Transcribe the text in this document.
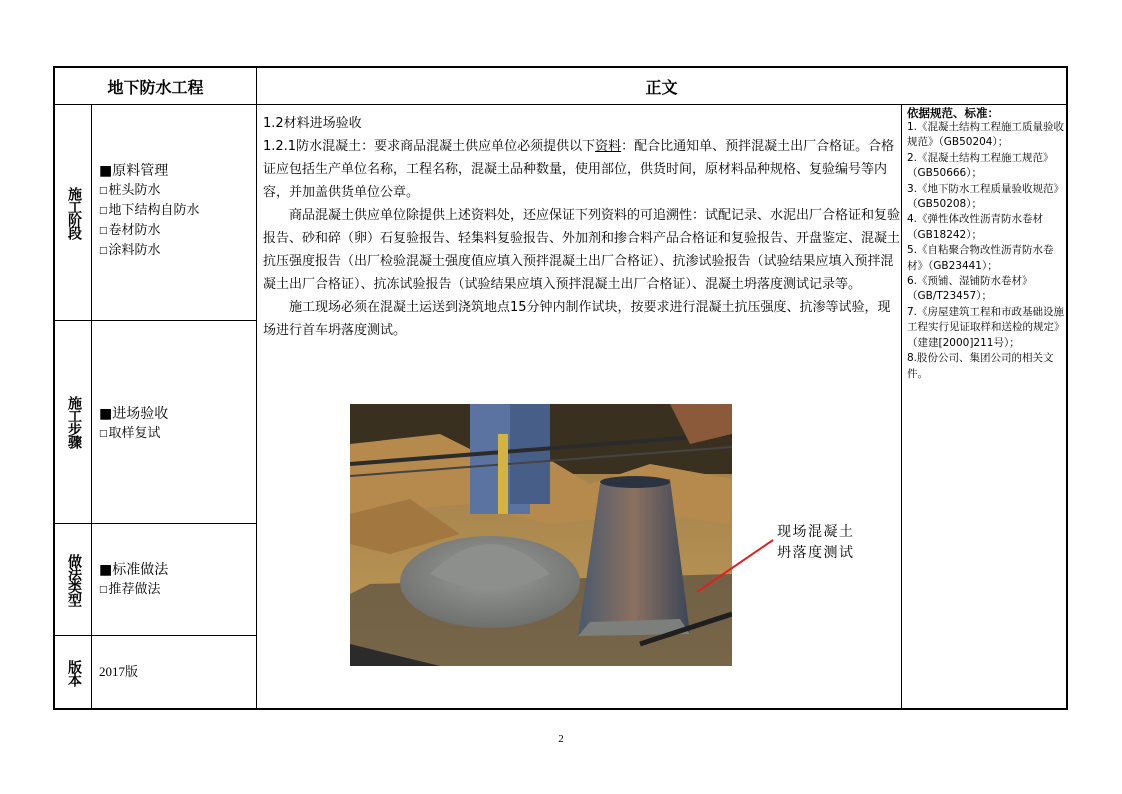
地下防水工程	正文
施工阶段
■原料管理
□桩头防水
□地下结构自防水
□卷材防水
□涂料防水
施工步骤 ■进场验收
□取样复试
做法类型 ■标准做法
□推荐做法
版本 2017版

1.2材料进场验收

1.2.1防水混凝土：要求商品混凝土供应单位必须提供以下资料：配合比通知单、预拌混凝土出厂合格证。合格证应包括生产单位名称，工程名称，混凝土品种数量，使用部位，供货时间，原材料品种规格、复验编号等内容，并加盖供货单位公章。

商品混凝土供应单位除提供上述资料处，还应保证下列资料的可追溯性：试配记录、水泥出厂合格证和复验报告、砂和碎（卵）石复验报告、轻集料复验报告、外加剂和掺合料产品合格证和复验报告、开盘鉴定、混凝土抗压强度报告（出厂检验混凝土强度值应填入预拌混凝土出厂合格证）、抗渗试验报告（试验结果应填入预拌混凝土出厂合格证）、抗冻试验报告（试验结果应填入预拌混凝土出厂合格证）、混凝土坍落度测试记录等。

施工现场必须在混凝土运送到浇筑地点15分钟内制作试块，按要求进行混凝土抗压强度、抗渗等试验，现场进行首车坍落度测试。

现场混凝土
坍落度测试
依据规范、标准：
1.《混凝土结构工程施工质量验收规范》（GB50204）；
2.《混凝土结构工程施工规范》（GB50666）；
3.《地下防水工程质量验收规范》（GB50208）；
4.《弹性体改性沥青防水卷材（GB18242）；
5.《自粘聚合物改性沥青防水卷材》（GB23441）；
6.《预铺、湿铺防水卷材》（GB/T23457）；
7.《房屋建筑工程和市政基础设施工程实行见证取样和送检的规定》（建建[2000]211号）；
8.股份公司、集团公司的相关文件。
2
